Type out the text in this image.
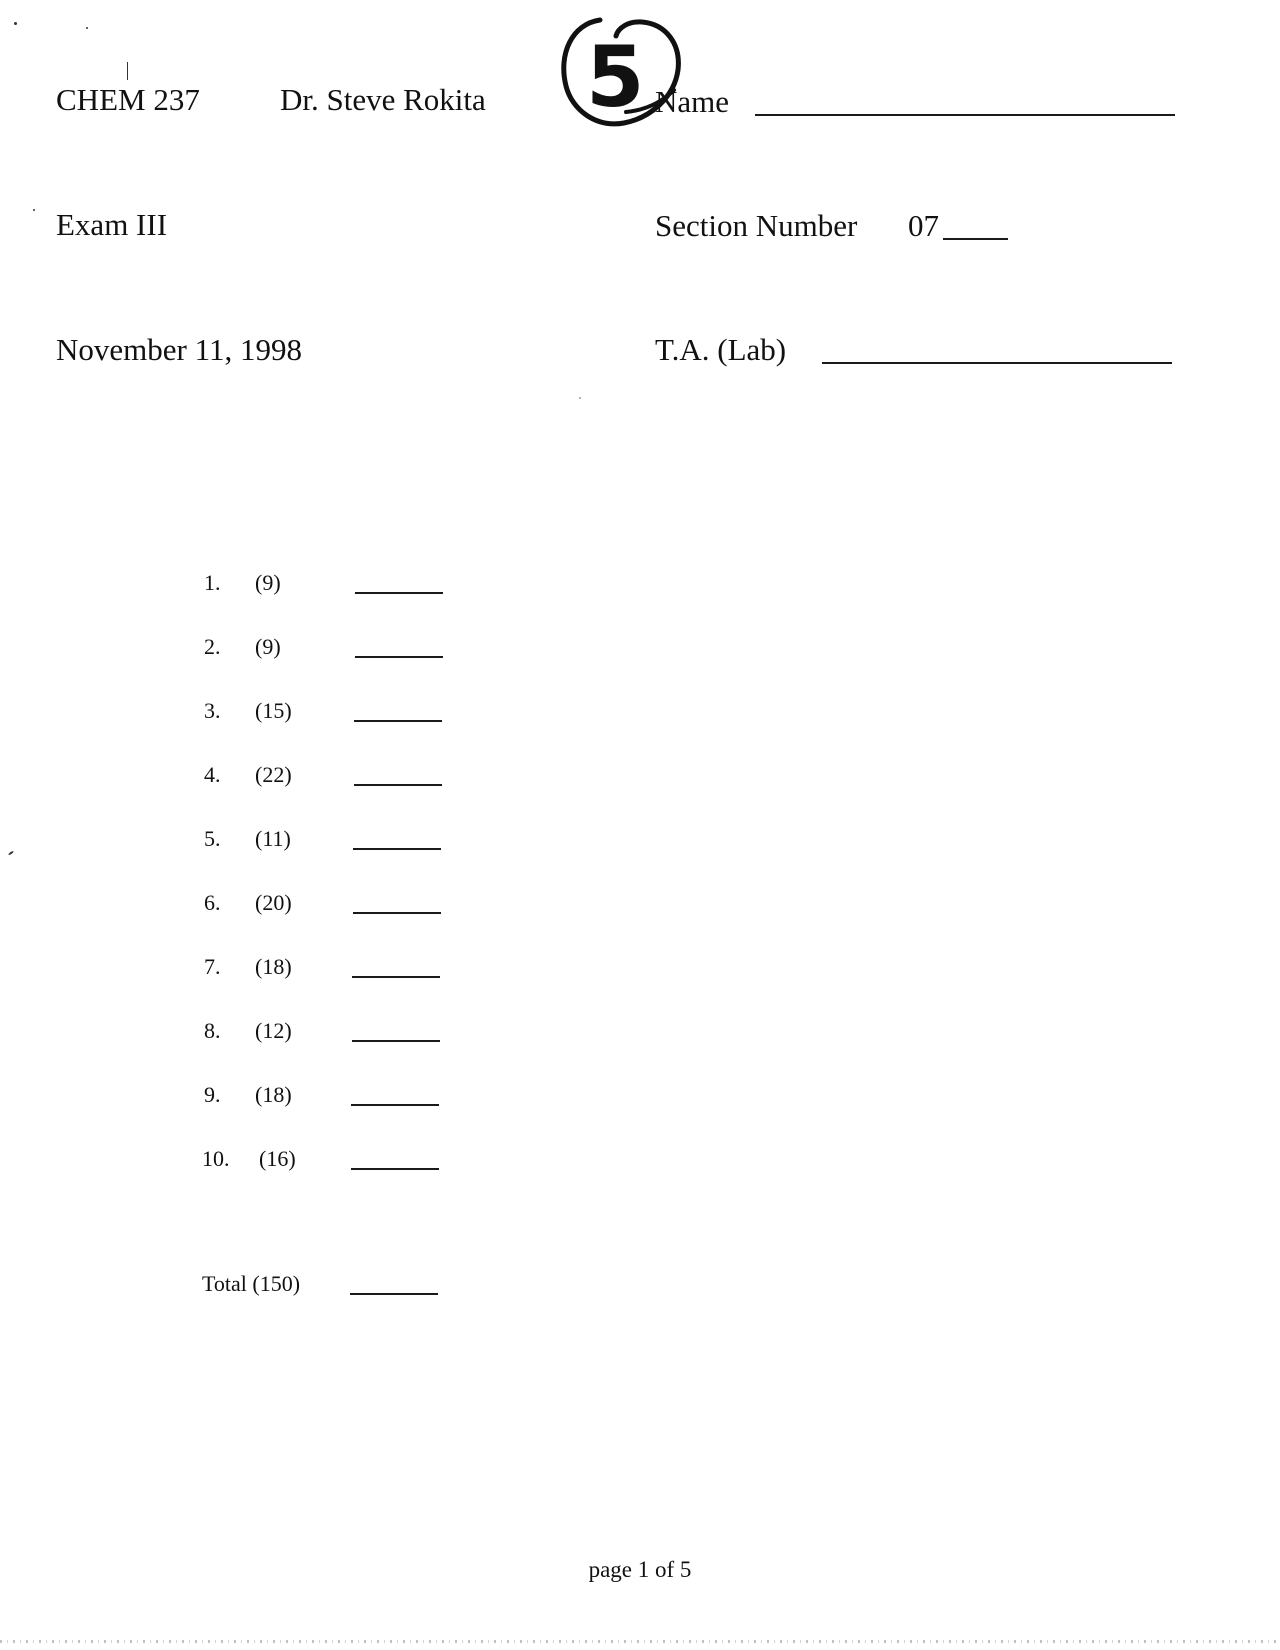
CHEM 237	Dr. Steve Rokita 5 Name
Exam III	Section Number 07
November 11, 1998	T.A. (Lab)
1. (9)
2. (9)
3. (15)
4. (22)
5. (11)
6. (20)
7. (18)
8. (12)
9. (18)
10. (16)
Total (150)
page 1 of 5
